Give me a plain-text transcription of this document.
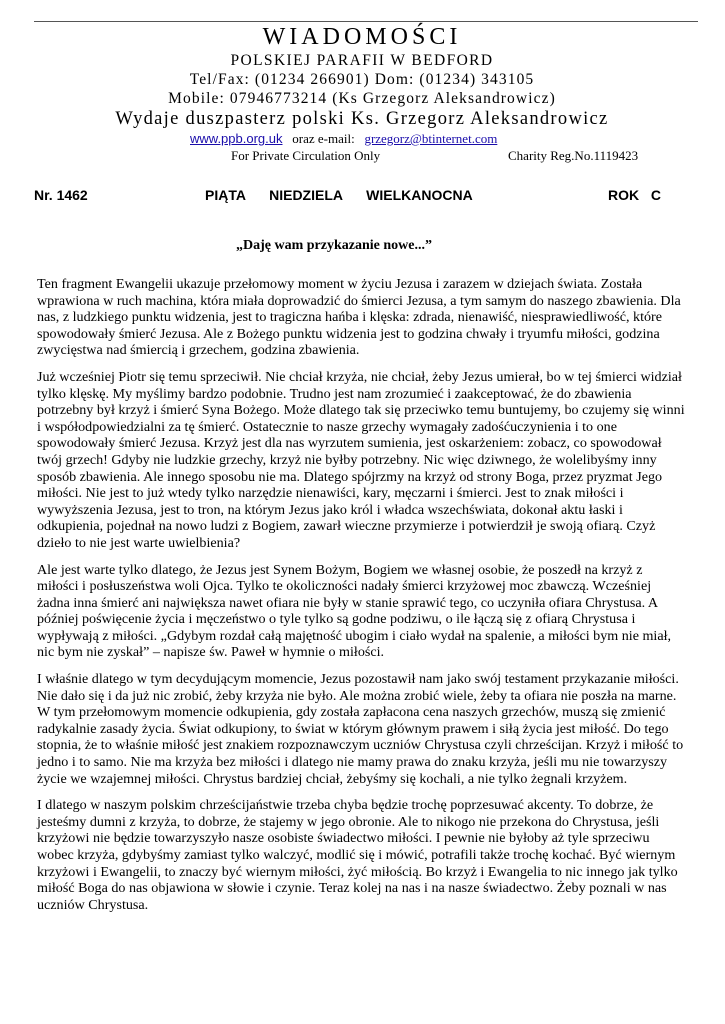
WIADOMOŚCI
POLSKIEJ PARAFII W BEDFORD
Tel/Fax: (01234 266901) Dom: (01234) 343105
Mobile: 07946773214 (Ks Grzegorz Aleksandrowicz)
Wydaje duszpasterz polski Ks. Grzegorz Aleksandrowicz
www.ppb.org.uk oraz e-mail: grzegorz@btinternet.com
For Private Circulation Only	Charity Reg.No.1119423
Nr. 1462	PIĄTA   NIEDZIELA   WIELKANOCNA	ROK  C
„Daję wam przykazanie nowe...”

Ten fragment Ewangelii ukazuje przełomowy moment w życiu Jezusa i zarazem w dziejach świata. Została wprawiona w ruch machina, która miała doprowadzić do śmierci Jezusa, a tym samym do naszego zbawienia. Dla nas, z ludzkiego punktu widzenia, jest to tragiczna hańba i klęska: zdrada, nienawiść, niesprawiedliwość, które spowodowały śmierć Jezusa. Ale z Bożego punktu widzenia jest to godzina chwały i tryumfu miłości, godzina zwycięstwa nad śmiercią i grzechem, godzina zbawienia.

Już wcześniej Piotr się temu sprzeciwił. Nie chciał krzyża, nie chciał, żeby Jezus umierał, bo w tej śmierci widział tylko klęskę. My myślimy bardzo podobnie. Trudno jest nam zrozumieć i zaakceptować, że do zbawienia potrzebny był krzyż i śmierć Syna Bożego. Może dlatego tak się przeciwko temu buntujemy, bo czujemy się winni i współodpowiedzialni za tę śmierć. Ostatecznie to nasze grzechy wymagały zadośćuczynienia i to one spowodowały śmierć Jezusa. Krzyż jest dla nas wyrzutem sumienia, jest oskarżeniem: zobacz, co spowodował twój grzech! Gdyby nie ludzkie grzechy, krzyż nie byłby potrzebny. Nic więc dziwnego, że wolelibyśmy inny sposób zbawienia. Ale innego sposobu nie ma. Dlatego spójrzmy na krzyż od strony Boga, przez pryzmat Jego miłości. Nie jest to już wtedy tylko narzędzie nienawiści, kary, męczarni i śmierci. Jest to znak miłości i wywyższenia Jezusa, jest to tron, na którym Jezus jako król i władca wszechświata, dokonał aktu łaski i odkupienia, pojednał na nowo ludzi z Bogiem, zawarł wieczne przymierze i potwierdził je swoją ofiarą. Czyż dzieło to nie jest warte uwielbienia?

Ale jest warte tylko dlatego, że Jezus jest Synem Bożym, Bogiem we własnej osobie, że poszedł na krzyż z miłości i posłuszeństwa woli Ojca. Tylko te okoliczności nadały śmierci krzyżowej moc zbawczą. Wcześniej żadna inna śmierć ani największa nawet ofiara nie były w stanie sprawić tego, co uczyniła ofiara Chrystusa. A później poświęcenie życia i męczeństwo o tyle tylko są godne podziwu, o ile łączą się z ofiarą Chrystusa i wypływają z miłości. „Gdybym rozdał całą majętność ubogim i ciało wydał na spalenie, a miłości bym nie miał, nic bym nie zyskał” – napisze św. Paweł w hymnie o miłości.

I właśnie dlatego w tym decydującym momencie, Jezus pozostawił nam jako swój testament przykazanie miłości. Nie dało się i da już nic zrobić, żeby krzyża nie było. Ale można zrobić wiele, żeby ta ofiara nie poszła na marne. W tym przełomowym momencie odkupienia, gdy została zapłacona cena naszych grzechów, muszą się zmienić radykalnie zasady życia. Świat odkupiony, to świat w którym głównym prawem i siłą życia jest miłość. Do tego stopnia, że to właśnie miłość jest znakiem rozpoznawczym uczniów Chrystusa czyli chrześcijan. Krzyż i miłość to jedno i to samo. Nie ma krzyża bez miłości i dlatego nie mamy prawa do znaku krzyża, jeśli mu nie towarzyszy życie we wzajemnej miłości. Chrystus bardziej chciał, żebyśmy się kochali, a nie tylko żegnali krzyżem.

I dlatego w naszym polskim chrześcijaństwie trzeba chyba będzie trochę poprzesuwać akcenty. To dobrze, że jesteśmy dumni z krzyża, to dobrze, że stajemy w jego obronie. Ale to nikogo nie przekona do Chrystusa, jeśli krzyżowi nie będzie towarzyszyło nasze osobiste świadectwo miłości. I pewnie nie byłoby aż tyle sprzeciwu wobec krzyża, gdybyśmy zamiast tylko walczyć, modlić się i mówić, potrafili także trochę kochać. Być wiernym krzyżowi i Ewangelii, to znaczy być wiernym miłości, żyć miłością. Bo krzyż i Ewangelia to nic innego jak tylko miłość Boga do nas objawiona w słowie i czynie. Teraz kolej na nas i na nasze świadectwo. Żeby poznali w nas uczniów Chrystusa.
